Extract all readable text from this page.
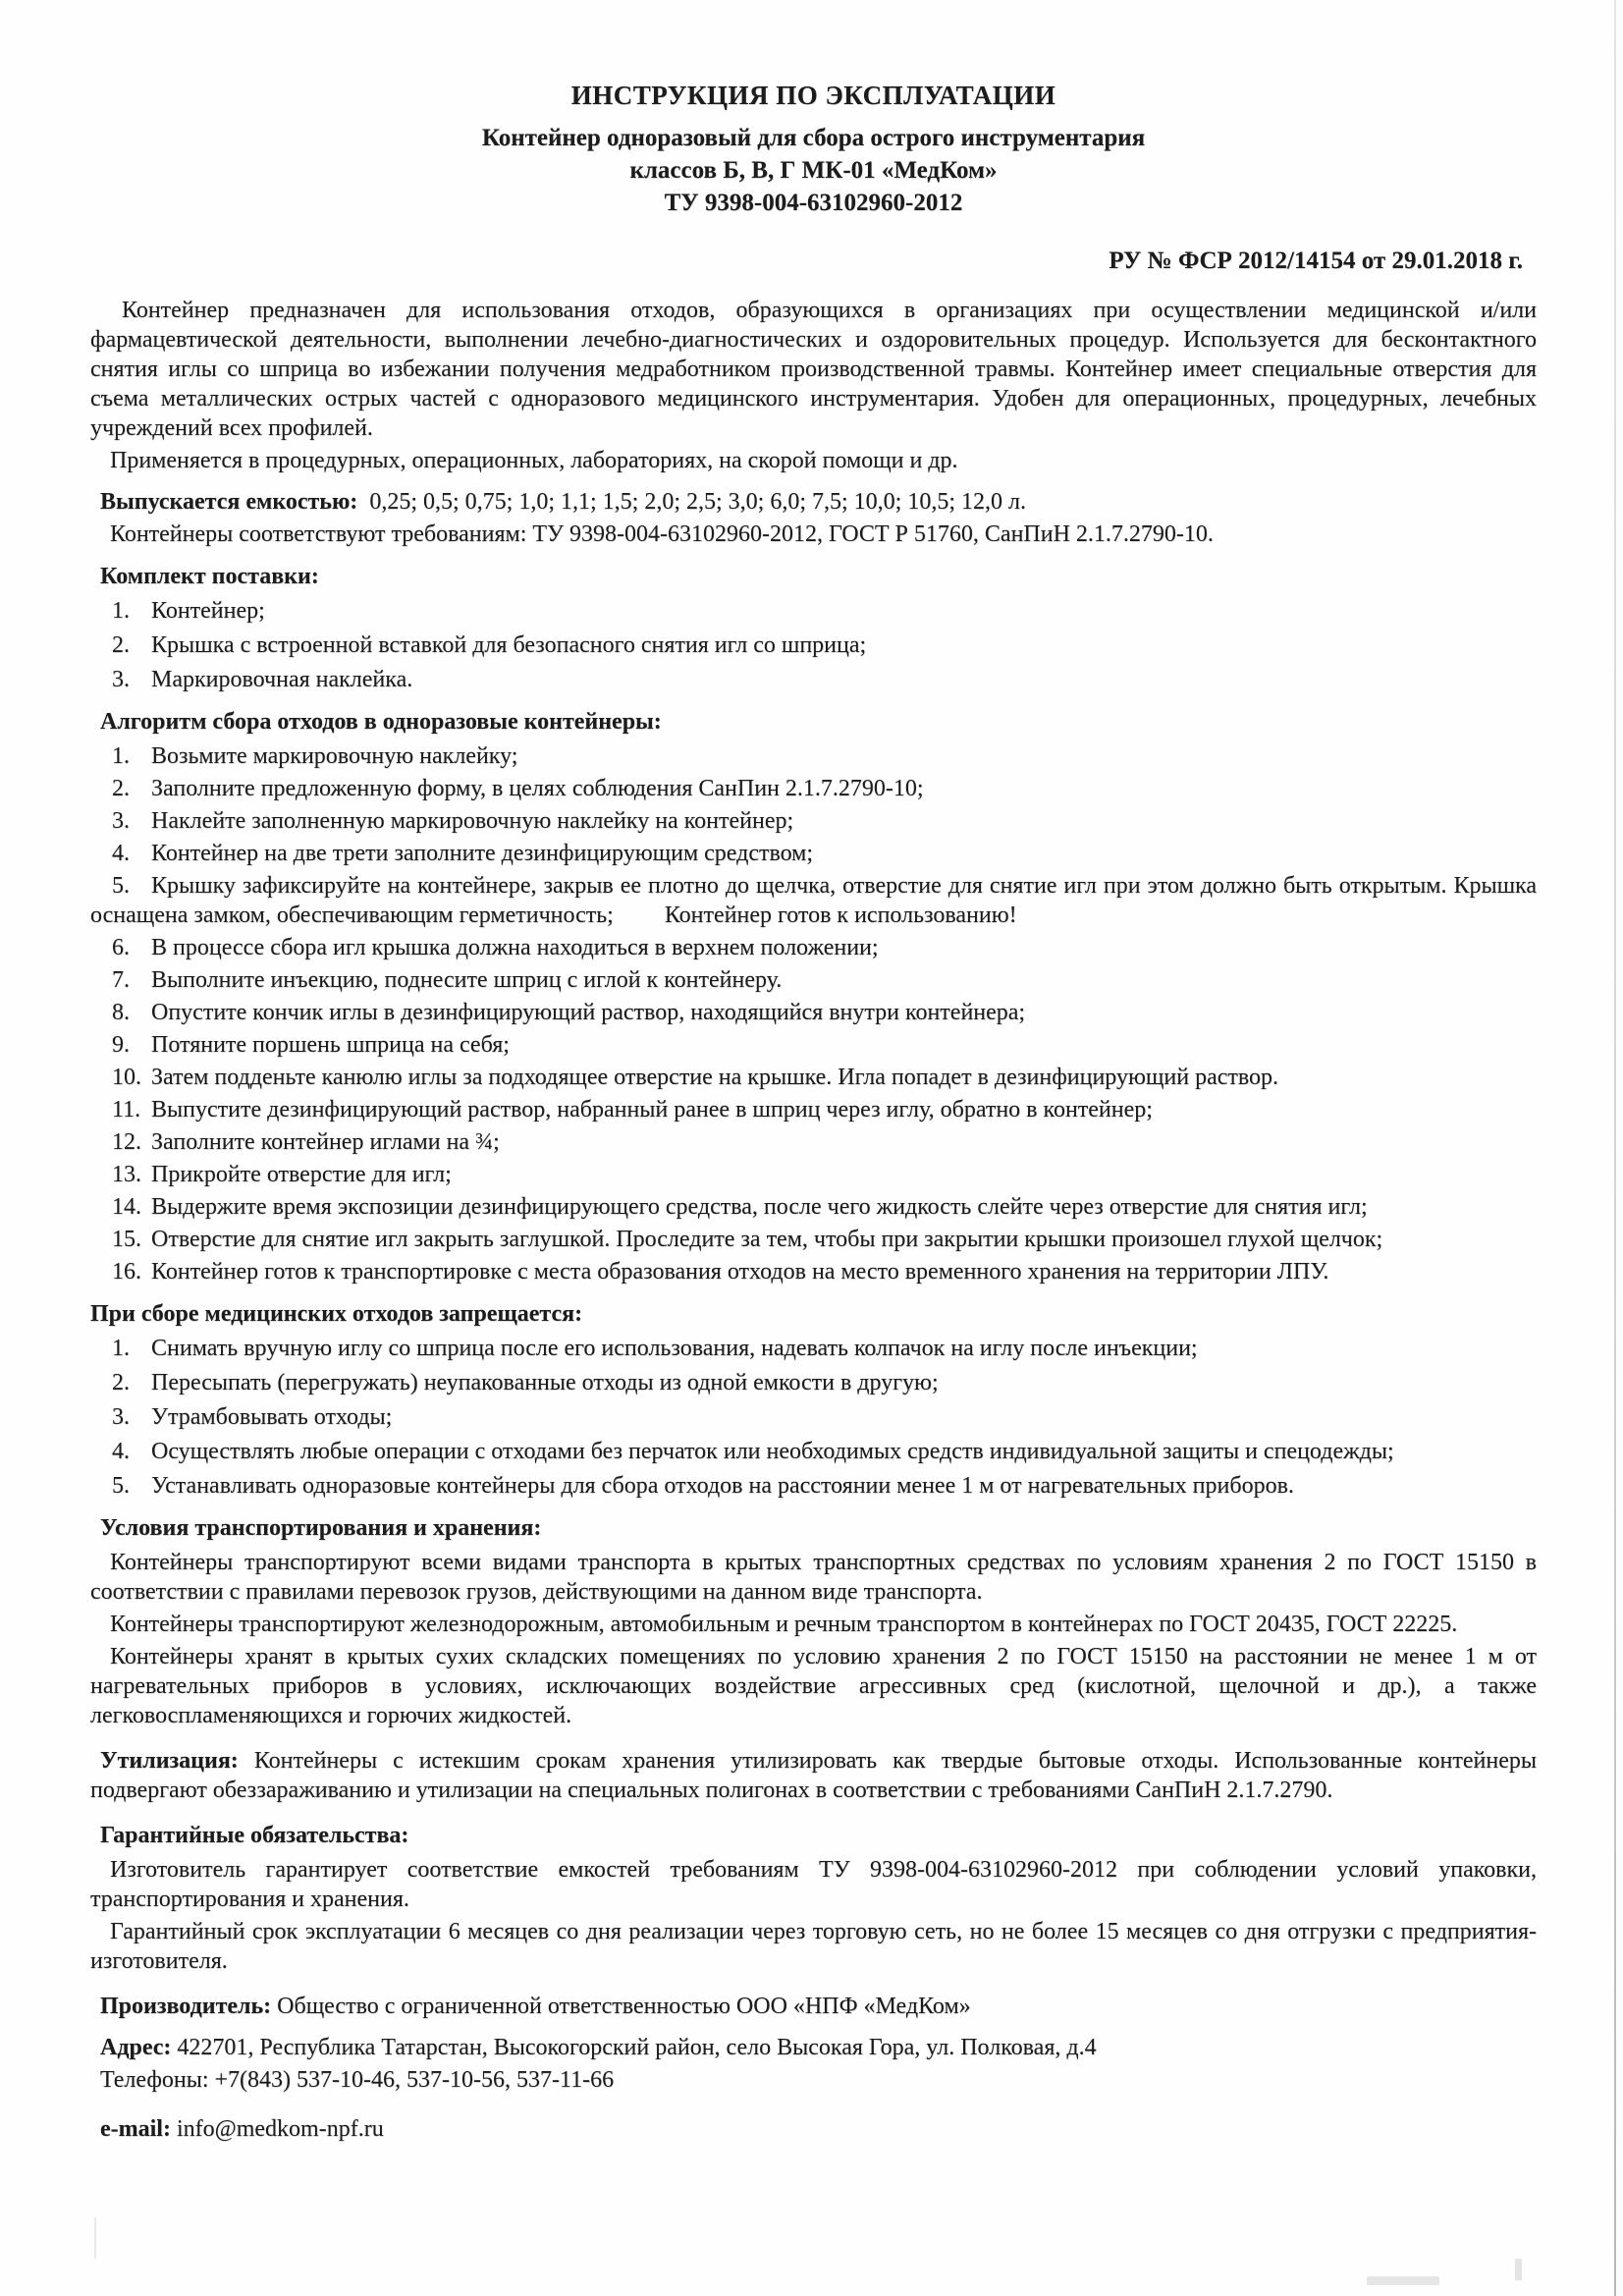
ИНСТРУКЦИЯ ПО ЭКСПЛУАТАЦИИ
Контейнер одноразовый для сбора острого инструментария
классов Б, В, Г МК-01 «МедКом»
ТУ 9398-004-63102960-2012
РУ № ФСР 2012/14154 от 29.01.2018 г.

Контейнер предназначен для использования отходов, образующихся в организациях при осуществлении медицинской и/или фармацевтической деятельности, выполнении лечебно-диагностических и оздоровительных процедур. Используется для бесконтактного снятия иглы со шприца во избежании получения медработником производственной травмы. Контейнер имеет специальные отверстия для съема металлических острых частей с одноразового медицинского инструментария. Удобен для операционных, процедурных, лечебных учреждений всех профилей.

Применяется в процедурных, операционных, лабораториях, на скорой помощи и др.

Выпускается емкостью: 0,25; 0,5; 0,75; 1,0; 1,1; 1,5; 2,0; 2,5; 3,0; 6,0; 7,5; 10,0; 10,5; 12,0 л.

Контейнеры соответствуют требованиям: ТУ 9398-004-63102960-2012, ГОСТ Р 51760, СанПиН 2.1.7.2790-10.

Комплект поставки:
1. Контейнер;
2. Крышка с встроенной вставкой для безопасного снятия игл со шприца;
3. Маркировочная наклейка.
Алгоритм сбора отходов в одноразовые контейнеры:
1. Возьмите маркировочную наклейку;
2. Заполните предложенную форму, в целях соблюдения СанПин 2.1.7.2790-10;
3. Наклейте заполненную маркировочную наклейку на контейнер;
4. Контейнер на две трети заполните дезинфицирующим средством;
5. Крышку зафиксируйте на контейнере, закрыв ее плотно до щелчка, отверстие для снятие игл при этом должно быть открытым. Крышка оснащена замком, обеспечивающим герметичность; Контейнер готов к использованию!
6. В процессе сбора игл крышка должна находиться в верхнем положении;
7. Выполните инъекцию, поднесите шприц с иглой к контейнеру.
8. Опустите кончик иглы в дезинфицирующий раствор, находящийся внутри контейнера;
9. Потяните поршень шприца на себя;
10. Затем подденьте канюлю иглы за подходящее отверстие на крышке. Игла попадет в дезинфицирующий раствор.
11. Выпустите дезинфицирующий раствор, набранный ранее в шприц через иглу, обратно в контейнер;
12. Заполните контейнер иглами на ¾;
13. Прикройте отверстие для игл;
14. Выдержите время экспозиции дезинфицирующего средства, после чего жидкость слейте через отверстие для снятия игл;
15. Отверстие для снятие игл закрыть заглушкой. Проследите за тем, чтобы при закрытии крышки произошел глухой щелчок;
16. Контейнер готов к транспортировке с места образования отходов на место временного хранения на территории ЛПУ.
При сборе медицинских отходов запрещается:
1. Снимать вручную иглу со шприца после его использования, надевать колпачок на иглу после инъекции;
2. Пересыпать (перегружать) неупакованные отходы из одной емкости в другую;
3. Утрамбовывать отходы;
4. Осуществлять любые операции с отходами без перчаток или необходимых средств индивидуальной защиты и спецодежды;
5. Устанавливать одноразовые контейнеры для сбора отходов на расстоянии менее 1 м от нагревательных приборов.
Условия транспортирования и хранения:

Контейнеры транспортируют всеми видами транспорта в крытых транспортных средствах по условиям хранения 2 по ГОСТ 15150 в соответствии с правилами перевозок грузов, действующими на данном виде транспорта.

Контейнеры транспортируют железнодорожным, автомобильным и речным транспортом в контейнерах по ГОСТ 20435, ГОСТ 22225.

Контейнеры хранят в крытых сухих складских помещениях по условию хранения 2 по ГОСТ 15150 на расстоянии не менее 1 м от нагревательных приборов в условиях, исключающих воздействие агрессивных сред (кислотной, щелочной и др.), а также легковоспламеняющихся и горючих жидкостей.

Утилизация: Контейнеры с истекшим срокам хранения утилизировать как твердые бытовые отходы. Использованные контейнеры подвергают обеззараживанию и утилизации на специальных полигонах в соответствии с требованиями СанПиН 2.1.7.2790.

Гарантийные обязательства:

Изготовитель гарантирует соответствие емкостей требованиям ТУ 9398-004-63102960-2012 при соблюдении условий упаковки, транспортирования и хранения.

Гарантийный срок эксплуатации 6 месяцев со дня реализации через торговую сеть, но не более 15 месяцев со дня отгрузки с предприятия-изготовителя.

Производитель: Общество с ограниченной ответственностью ООО «НПФ «МедКом»

Адрес: 422701, Республика Татарстан, Высокогорский район, село Высокая Гора, ул. Полковая, д.4

Телефоны: +7(843) 537-10-46, 537-10-56, 537-11-66

e-mail: info@medkom-npf.ru
